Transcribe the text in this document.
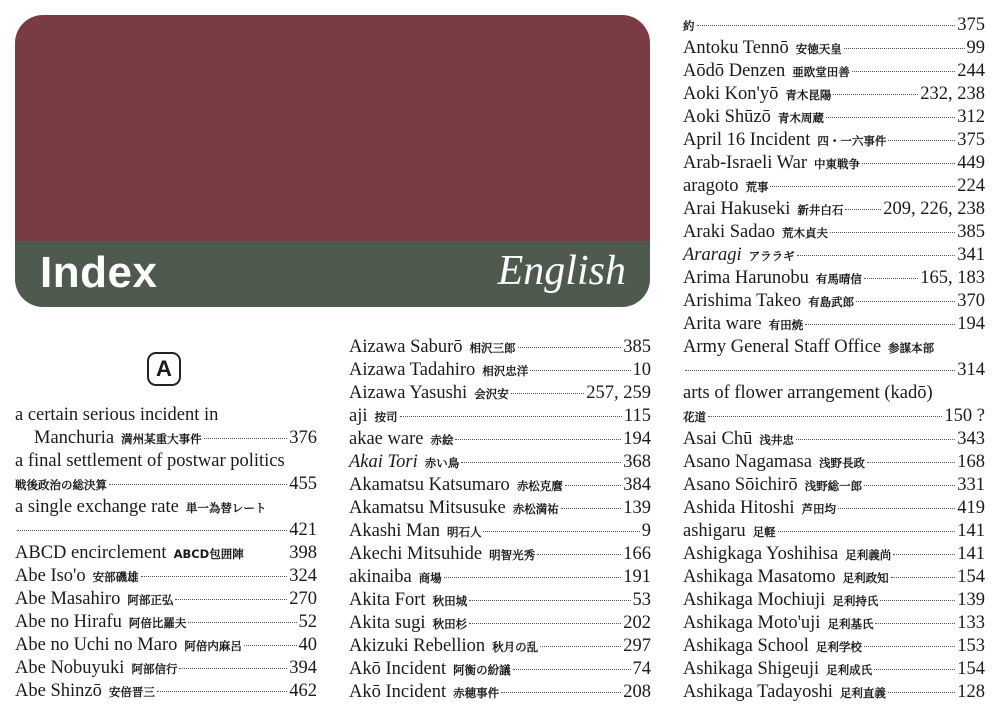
Index	English
A
a certain serious incident in
Manchuria 満州某重大事件	376
a final settlement of postwar politics
戦後政治の総決算	455
a single exchange rate 単一為替レート
421
ABCD encirclement ABCD包囲陣 398
Abe Iso'o 安部磯雄	324
Abe Masahiro 阿部正弘	270
Abe no Hirafu 阿倍比羅夫	52
Abe no Uchi no Maro 阿倍内麻呂	40
Abe Nobuyuki 阿部信行	394
Abe Shinzō 安倍晋三	462
Aizawa Saburō 相沢三郎	385
Aizawa Tadahiro 相沢忠洋	10
Aizawa Yasushi 会沢安	257, 259
aji 按司	115
akae ware 赤絵	194
Akai Tori 赤い鳥	368
Akamatsu Katsumaro 赤松克麿	384
Akamatsu Mitsusuke 赤松満祐	139
Akashi Man 明石人	9
Akechi Mitsuhide 明智光秀	166
akinaiba 商場	191
Akita Fort 秋田城	53
Akita sugi 秋田杉	202
Akizuki Rebellion 秋月の乱	297
Akō Incident 阿衡の紛議	74
Akō Incident 赤穂事件	208
約	375
Antoku Tennō 安徳天皇	99
Aōdō Denzen 亜欧堂田善	244
Aoki Kon'yō 青木昆陽	232, 238
Aoki Shūzō 青木周蔵	312
April 16 Incident 四・一六事件	375
Arab-Israeli War 中東戦争	449
aragoto 荒事	224
Arai Hakuseki 新井白石 209, 226, 238
Araki Sadao 荒木貞夫	385
Araragi アララギ	341
Arima Harunobu 有馬晴信	165, 183
Arishima Takeo 有島武郎	370
Arita ware 有田焼	194
Army General Staff Office 参謀本部
314
arts of flower arrangement (kadō)
花道	150 ?
Asai Chū 浅井忠	343
Asano Nagamasa 浅野長政	168
Asano Sōichirō 浅野総一郎	331
Ashida Hitoshi 芦田均	419
ashigaru 足軽	141
Ashigkaga Yoshihisa 足利義尚	141
Ashikaga Masatomo 足利政知	154
Ashikaga Mochiuji 足利持氏	139
Ashikaga Moto'uji 足利基氏	133
Ashikaga School 足利学校	153
Ashikaga Shigeuji 足利成氏	154
Ashikaga Tadayoshi 足利直義	128
